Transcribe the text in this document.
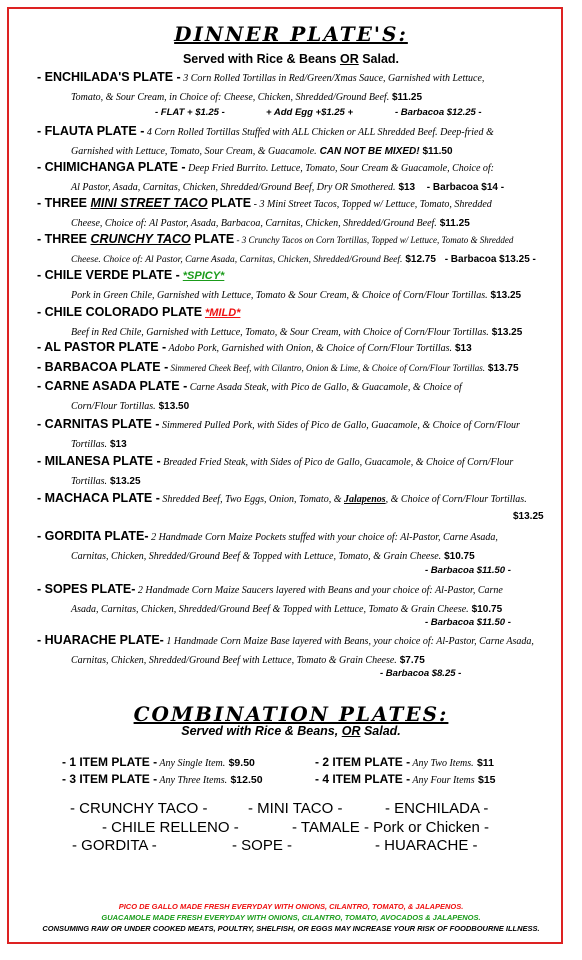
DINNER PLATE'S:
Served with Rice & Beans OR Salad.
- ENCHILADA'S PLATE - 3 Corn Rolled Tortillas in Red/Green/Xmas Sauce, Garnished with Lettuce,
Tomato, & Sour Cream, in Choice of: Cheese, Chicken, Shredded/Ground Beef. $11.25
- FLAT + $1.25 -	+ Add Egg +$1.25 +	- Barbacoa $12.25 -
- FLAUTA PLATE - 4 Corn Rolled Tortillas Stuffed with ALL Chicken or ALL Shredded Beef. Deep-fried &
Garnished with Lettuce, Tomato, Sour Cream, & Guacamole. CAN NOT BE MIXED! $11.50
- CHIMICHANGA PLATE - Deep Fried Burrito. Lettuce, Tomato, Sour Cream & Guacamole, Choice of:
Al Pastor, Asada, Carnitas, Chicken, Shredded/Ground Beef, Dry OR Smothered. $13 - Barbacoa $14 -
- THREE MINI STREET TACO PLATE - 3 Mini Street Tacos, Topped w/ Lettuce, Tomato, Shredded
Cheese, Choice of: Al Pastor, Asada, Barbacoa, Carnitas, Chicken, Shredded/Ground Beef. $11.25
- THREE CRUNCHY TACO PLATE - 3 Crunchy Tacos on Corn Tortillas, Topped w/ Lettuce, Tomato & Shredded
Cheese. Choice of: Al Pastor, Carne Asada, Carnitas, Chicken, Shredded/Ground Beef. $12.75 - Barbacoa $13.25 -
- CHILE VERDE PLATE - *SPICY*
Pork in Green Chile, Garnished with Lettuce, Tomato & Sour Cream, & Choice of Corn/Flour Tortillas. $13.25
- CHILE COLORADO PLATE *MILD*
Beef in Red Chile, Garnished with Lettuce, Tomato, & Sour Cream, with Choice of Corn/Flour Tortillas. $13.25
- AL PASTOR PLATE - Adobo Pork, Garnished with Onion, & Choice of Corn/Flour Tortillas. $13
- BARBACOA PLATE - Simmered Cheek Beef, with Cilantro, Onion & Lime, & Choice of Corn/Flour Tortillas. $13.75
- CARNE ASADA PLATE - Carne Asada Steak, with Pico de Gallo, & Guacamole, & Choice of
Corn/Flour Tortillas. $13.50
- CARNITAS PLATE - Simmered Pulled Pork, with Sides of Pico de Gallo, Guacamole, & Choice of Corn/Flour
Tortillas. $13
- MILANESA PLATE - Breaded Fried Steak, with Sides of Pico de Gallo, Guacamole, & Choice of Corn/Flour
Tortillas. $13.25
- MACHACA PLATE - Shredded Beef, Two Eggs, Onion, Tomato, & Jalapenos, & Choice of Corn/Flour Tortillas.
$13.25
- GORDITA PLATE- 2 Handmade Corn Maize Pockets stuffed with your choice of: Al-Pastor, Carne Asada,
Carnitas, Chicken, Shredded/Ground Beef & Topped with Lettuce, Tomato, & Grain Cheese. $10.75
- Barbacoa $11.50 -
- SOPES PLATE- 2 Handmade Corn Maize Saucers layered with Beans and your choice of: Al-Pastor, Carne
Asada, Carnitas, Chicken, Shredded/Ground Beef & Topped with Lettuce, Tomato & Grain Cheese. $10.75
- Barbacoa $11.50 -
- HUARACHE PLATE- 1 Handmade Corn Maize Base layered with Beans, your choice of: Al-Pastor, Carne Asada,
Carnitas, Chicken, Shredded/Ground Beef with Lettuce, Tomato & Grain Cheese. $7.75
- Barbacoa $8.25 -
COMBINATION PLATES:
Served with Rice & Beans, OR Salad.
- 1 ITEM PLATE - Any Single Item. $9.50	- 2 ITEM PLATE - Any Two Items. $11
- 3 ITEM PLATE - Any Three Items. $12.50	- 4 ITEM PLATE - Any Four Items $15
- CRUNCHY TACO -	- MINI TACO -	- ENCHILADA -
- CHILE RELLENO -	- TAMALE - Pork or Chicken -
- GORDITA -	- SOPE -	- HUARACHE -
PICO DE GALLO MADE FRESH EVERYDAY WITH ONIONS, CILANTRO, TOMATO, & JALAPENOS.
GUACAMOLE MADE FRESH EVERYDAY WITH ONIONS, CILANTRO, TOMATO, AVOCADOS & JALAPENOS.
CONSUMING RAW OR UNDER COOKED MEATS, POULTRY, SHELFISH, OR EGGS MAY INCREASE YOUR RISK OF FOODBOURNE ILLNESS.
